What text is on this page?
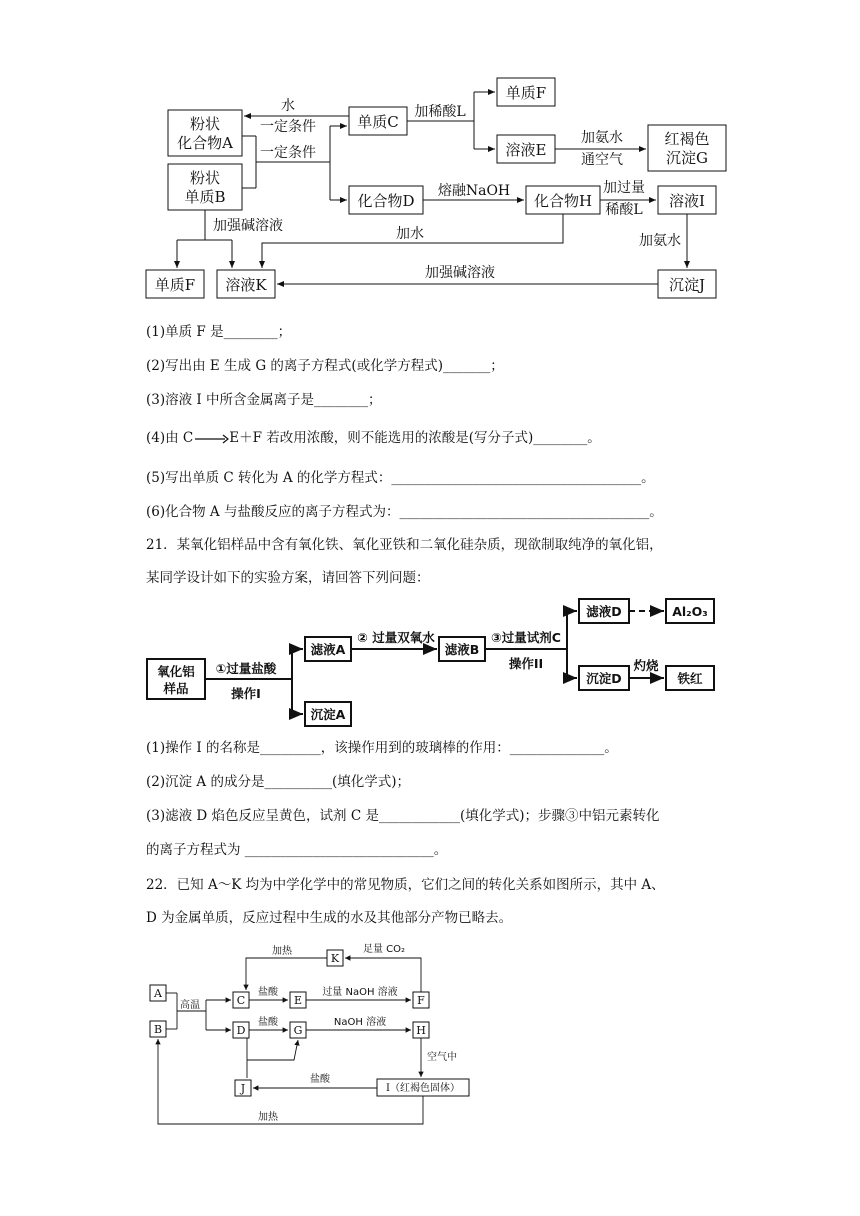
粉状
化合物A
粉状
单质B
单质C
单质F
溶液E
红褐色
沉淀G
化合物D	化合物H	溶液I
沉淀J
溶液K
单质F
水
一定条件
一定条件
加稀酸L
加氨水
通空气
熔融NaOH	加过量
稀酸L
加氨水
加水
加强碱溶液
加强碱溶液
(1)单质 F 是________；
(2)写出由 E 生成 G 的离子方程式(或化学方程式)_______；
(3)溶液 I 中所含金属离子是________；
(4)由 C	E＋F 若改用浓酸，则不能选用的浓酸是(写分子式)________。
(5)写出单质 C 转化为 A 的化学方程式：_____________________________________。
(6)化合物 A 与盐酸反应的离子方程式为：_____________________________________。
21．某氧化铝样品中含有氧化铁、氧化亚铁和二氧化硅杂质，现欲制取纯净的氧化铝，
某同学设计如下的实验方案，请回答下列问题：
氧化铝
样品
滤液A
沉淀A
滤液B
滤液D	Al₂O₃
沉淀D	铁红
①过量盐酸
操作I
② 过量双氧水	③过量试剂C
操作II	灼烧
(1)操作 I 的名称是_________，该操作用到的玻璃棒的作用：______________。
(2)沉淀 A 的成分是__________(填化学式)；
(3)滤液 D 焰色反应呈黄色，试剂 C 是____________(填化学式)；步骤③中铝元素转化
的离子方程式为 ____________________________。
22．已知 A～K 均为中学化学中的常见物质，它们之间的转化关系如图所示，其中 A、
D 为金属单质，反应过程中生成的水及其他部分产物已略去。
A
B
C	E	F
K
D	G	H
J	I（红褐色固体）
加热	足量 CO₂
高温
盐酸	过量 NaOH 溶液
盐酸	NaOH 溶液
空气中
盐酸
加热
